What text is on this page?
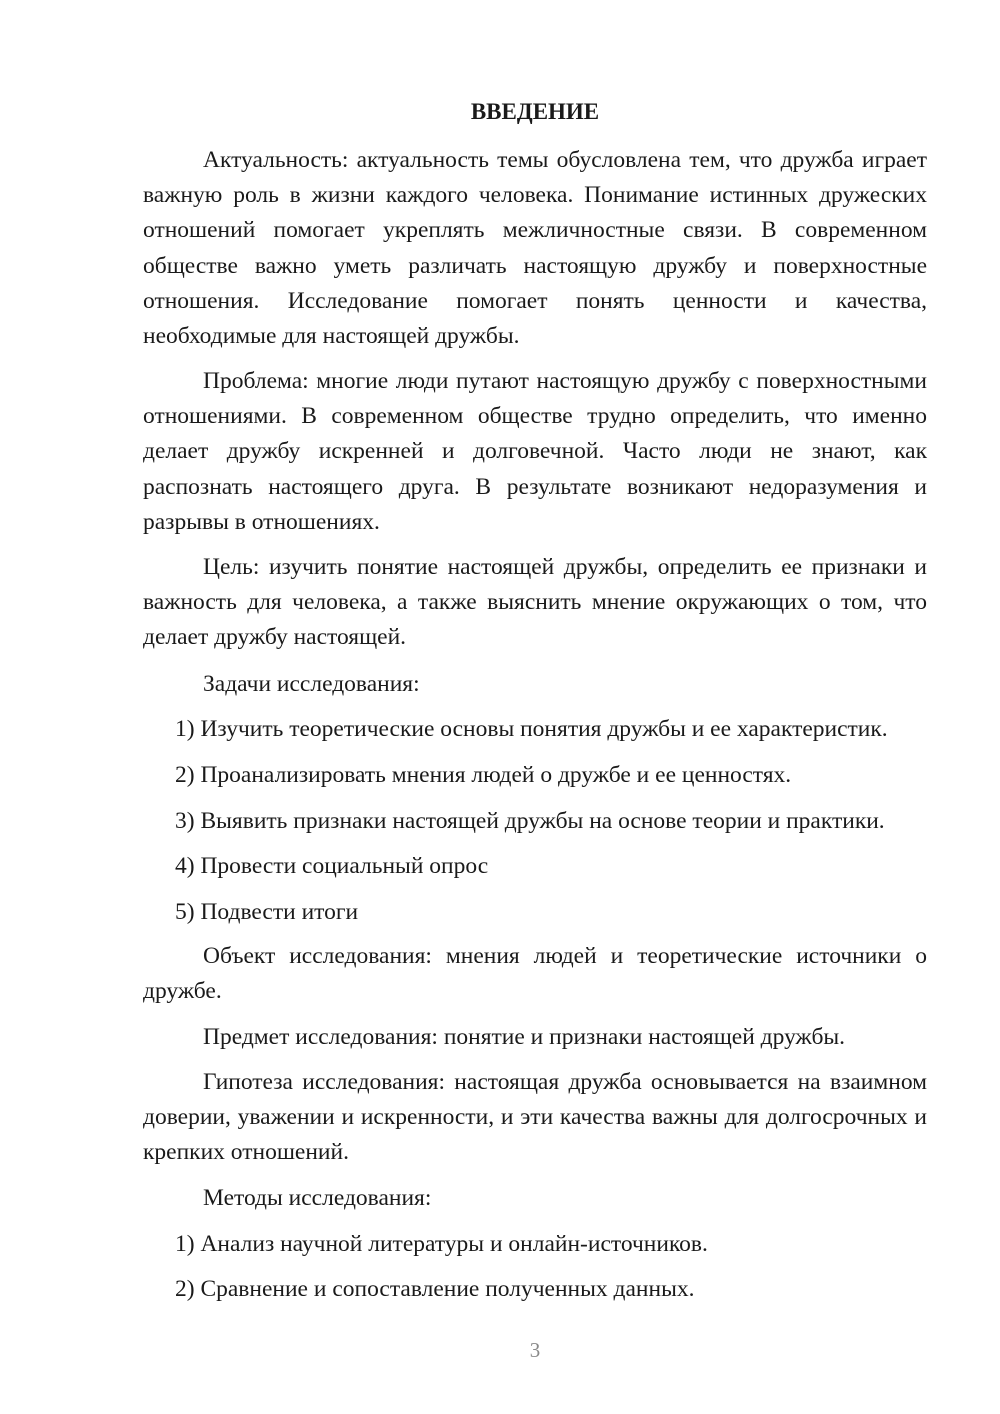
ВВЕДЕНИЕ

Актуальность: актуальность темы обусловлена тем, что дружба играет важную роль в жизни каждого человека. Понимание истинных дружеских отношений помогает укреплять межличностные связи. В современном обществе важно уметь различать настоящую дружбу и поверхностные отношения. Исследование помогает понять ценности и качества, необходимые для настоящей дружбы.

Проблема: многие люди путают настоящую дружбу с поверхностными отношениями. В современном обществе трудно определить, что именно делает дружбу искренней и долговечной. Часто люди не знают, как распознать настоящего друга. В результате возникают недоразумения и разрывы в отношениях.

Цель: изучить понятие настоящей дружбы, определить ее признаки и важность для человека, а также выяснить мнение окружающих о том, что делает дружбу настоящей.

Задачи исследования:

1) Изучить теоретические основы понятия дружбы и ее характеристик.

2) Проанализировать мнения людей о дружбе и ее ценностях.

3) Выявить признаки настоящей дружбы на основе теории и практики.

4) Провести социальный опрос

5) Подвести итоги

Объект исследования: мнения людей и теоретические источники о дружбе.

Предмет исследования: понятие и признаки настоящей дружбы.

Гипотеза исследования: настоящая дружба основывается на взаимном доверии, уважении и искренности, и эти качества важны для долгосрочных и крепких отношений.

Методы исследования:

1) Анализ научной литературы и онлайн-источников.

2) Сравнение и сопоставление полученных данных.

3
